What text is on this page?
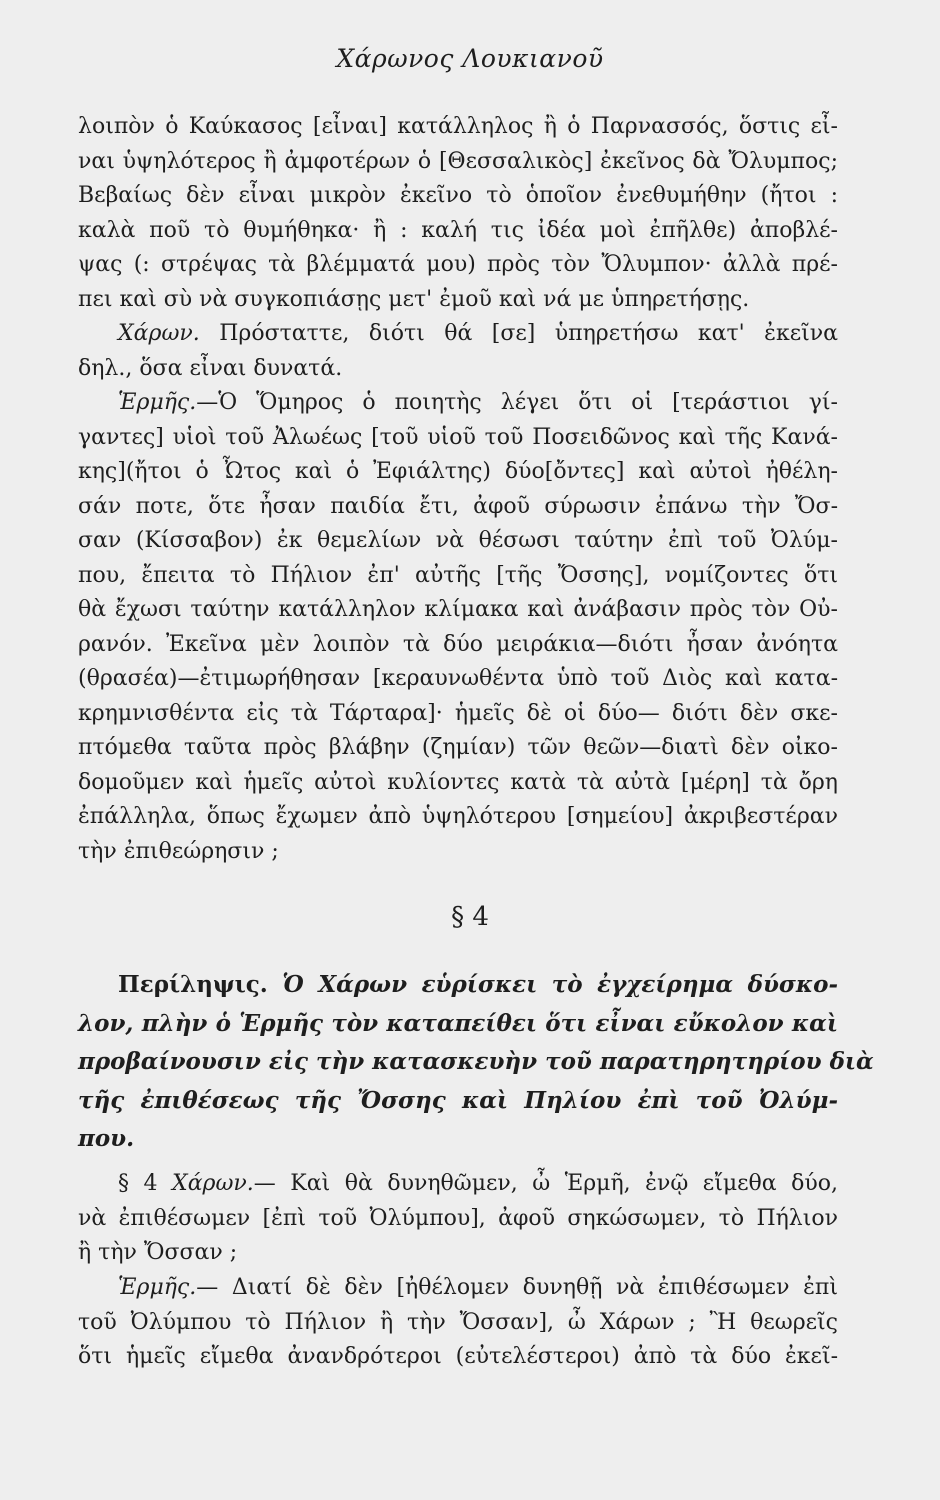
Χάρωνος Λουκιανοῦ
λοιπὸν ὁ Καύκασος [εἶναι] κατάλληλος ἢ ὁ Παρνασσός, ὅστις εἶ-
ναι ὑψηλότερος ἢ ἀμφοτέρων ὁ [Θεσσαλικὸς] ἐκεῖνος δὰ Ὄλυμπος;
Βεβαίως δὲν εἶναι μικρὸν ἐκεῖνο τὸ ὁποῖον ἐνεθυμήθην (ἤτοι :
καλὰ ποῦ τὸ θυμήθηκα· ἢ : καλή τις ἰδέα μοὶ ἐπῆλθε) ἀποβλέ-
ψας (: στρέψας τὰ βλέμματά μου) πρὸς τὸν Ὄλυμπον· ἀλλὰ πρέ-
πει καὶ σὺ νὰ συγκοπιάσῃς μετ' ἐμοῦ καὶ νά με ὑπηρετήσῃς.
Χάρων. Πρόσταττε, διότι θά [σε] ὑπηρετήσω κατ' ἐκεῖνα
δηλ., ὅσα εἶναι δυνατά.
Ἑρμῆς.—Ὁ Ὅμηρος ὁ ποιητὴς λέγει ὅτι οἱ [τεράστιοι γί-
γαντες] υἱοὶ τοῦ Ἀλωέως [τοῦ υἱοῦ τοῦ Ποσειδῶνος καὶ τῆς Κανά-
κης](ἤτοι ὁ Ὦτος καὶ ὁ Ἐφιάλτης) δύο[ὄντες] καὶ αὐτοὶ ἠθέλη-
σάν ποτε, ὅτε ἦσαν παιδία ἔτι, ἀφοῦ σύρωσιν ἐπάνω τὴν Ὄσ-
σαν (Κίσσαβον) ἐκ θεμελίων νὰ θέσωσι ταύτην ἐπὶ τοῦ Ὀλύμ-
που, ἔπειτα τὸ Πήλιον ἐπ' αὐτῆς [τῆς Ὄσσης], νομίζοντες ὅτι
θὰ ἔχωσι ταύτην κατάλληλον κλίμακα καὶ ἀνάβασιν πρὸς τὸν Οὐ-
ρανόν. Ἐκεῖνα μὲν λοιπὸν τὰ δύο μειράκια—διότι ἦσαν ἀνόητα
(θρασέα)—ἐτιμωρήθησαν [κεραυνωθέντα ὑπὸ τοῦ Διὸς καὶ κατα-
κρημνισθέντα εἰς τὰ Τάρταρα]· ἡμεῖς δὲ οἱ δύο— διότι δὲν σκε-
πτόμεθα ταῦτα πρὸς βλάβην (ζημίαν) τῶν θεῶν—διατὶ δὲν οἰκο-
δομοῦμεν καὶ ἡμεῖς αὐτοὶ κυλίοντες κατὰ τὰ αὐτὰ [μέρη] τὰ ὄρη
ἐπάλληλα, ὅπως ἔχωμεν ἀπὸ ὑψηλότερου [σημείου] ἀκριβεστέραν
τὴν ἐπιθεώρησιν ;
§ 4
Περίληψις. Ὁ Χάρων εὑρίσκει τὸ ἐγχείρημα δύσκο-
λον, πλὴν ὁ Ἑρμῆς τὸν καταπείθει ὅτι εἶναι εὔκολον καὶ
προβαίνουσιν εἰς τὴν κατασκευὴν τοῦ παρατηρητηρίου διὰ
τῆς ἐπιθέσεως τῆς Ὄσσης καὶ Πηλίου ἐπὶ τοῦ Ὀλύμ-
που.
§ 4 Χάρων.— Καὶ θὰ δυνηθῶμεν, ὦ Ἑρμῆ, ἐνῷ εἴμεθα δύο,
νὰ ἐπιθέσωμεν [ἐπὶ τοῦ Ὀλύμπου], ἀφοῦ σηκώσωμεν, τὸ Πήλιον
ἢ τὴν Ὄσσαν ;
Ἑρμῆς.— Διατί δὲ δὲν [ἠθέλομεν δυνηθῇ νὰ ἐπιθέσωμεν ἐπὶ
τοῦ Ὀλύμπου τὸ Πήλιον ἢ τὴν Ὄσσαν], ὦ Χάρων ; Ἢ θεωρεῖς
ὅτι ἡμεῖς εἴμεθα ἀνανδρότεροι (εὐτελέστεροι) ἀπὸ τὰ δύο ἐκεῖ-
